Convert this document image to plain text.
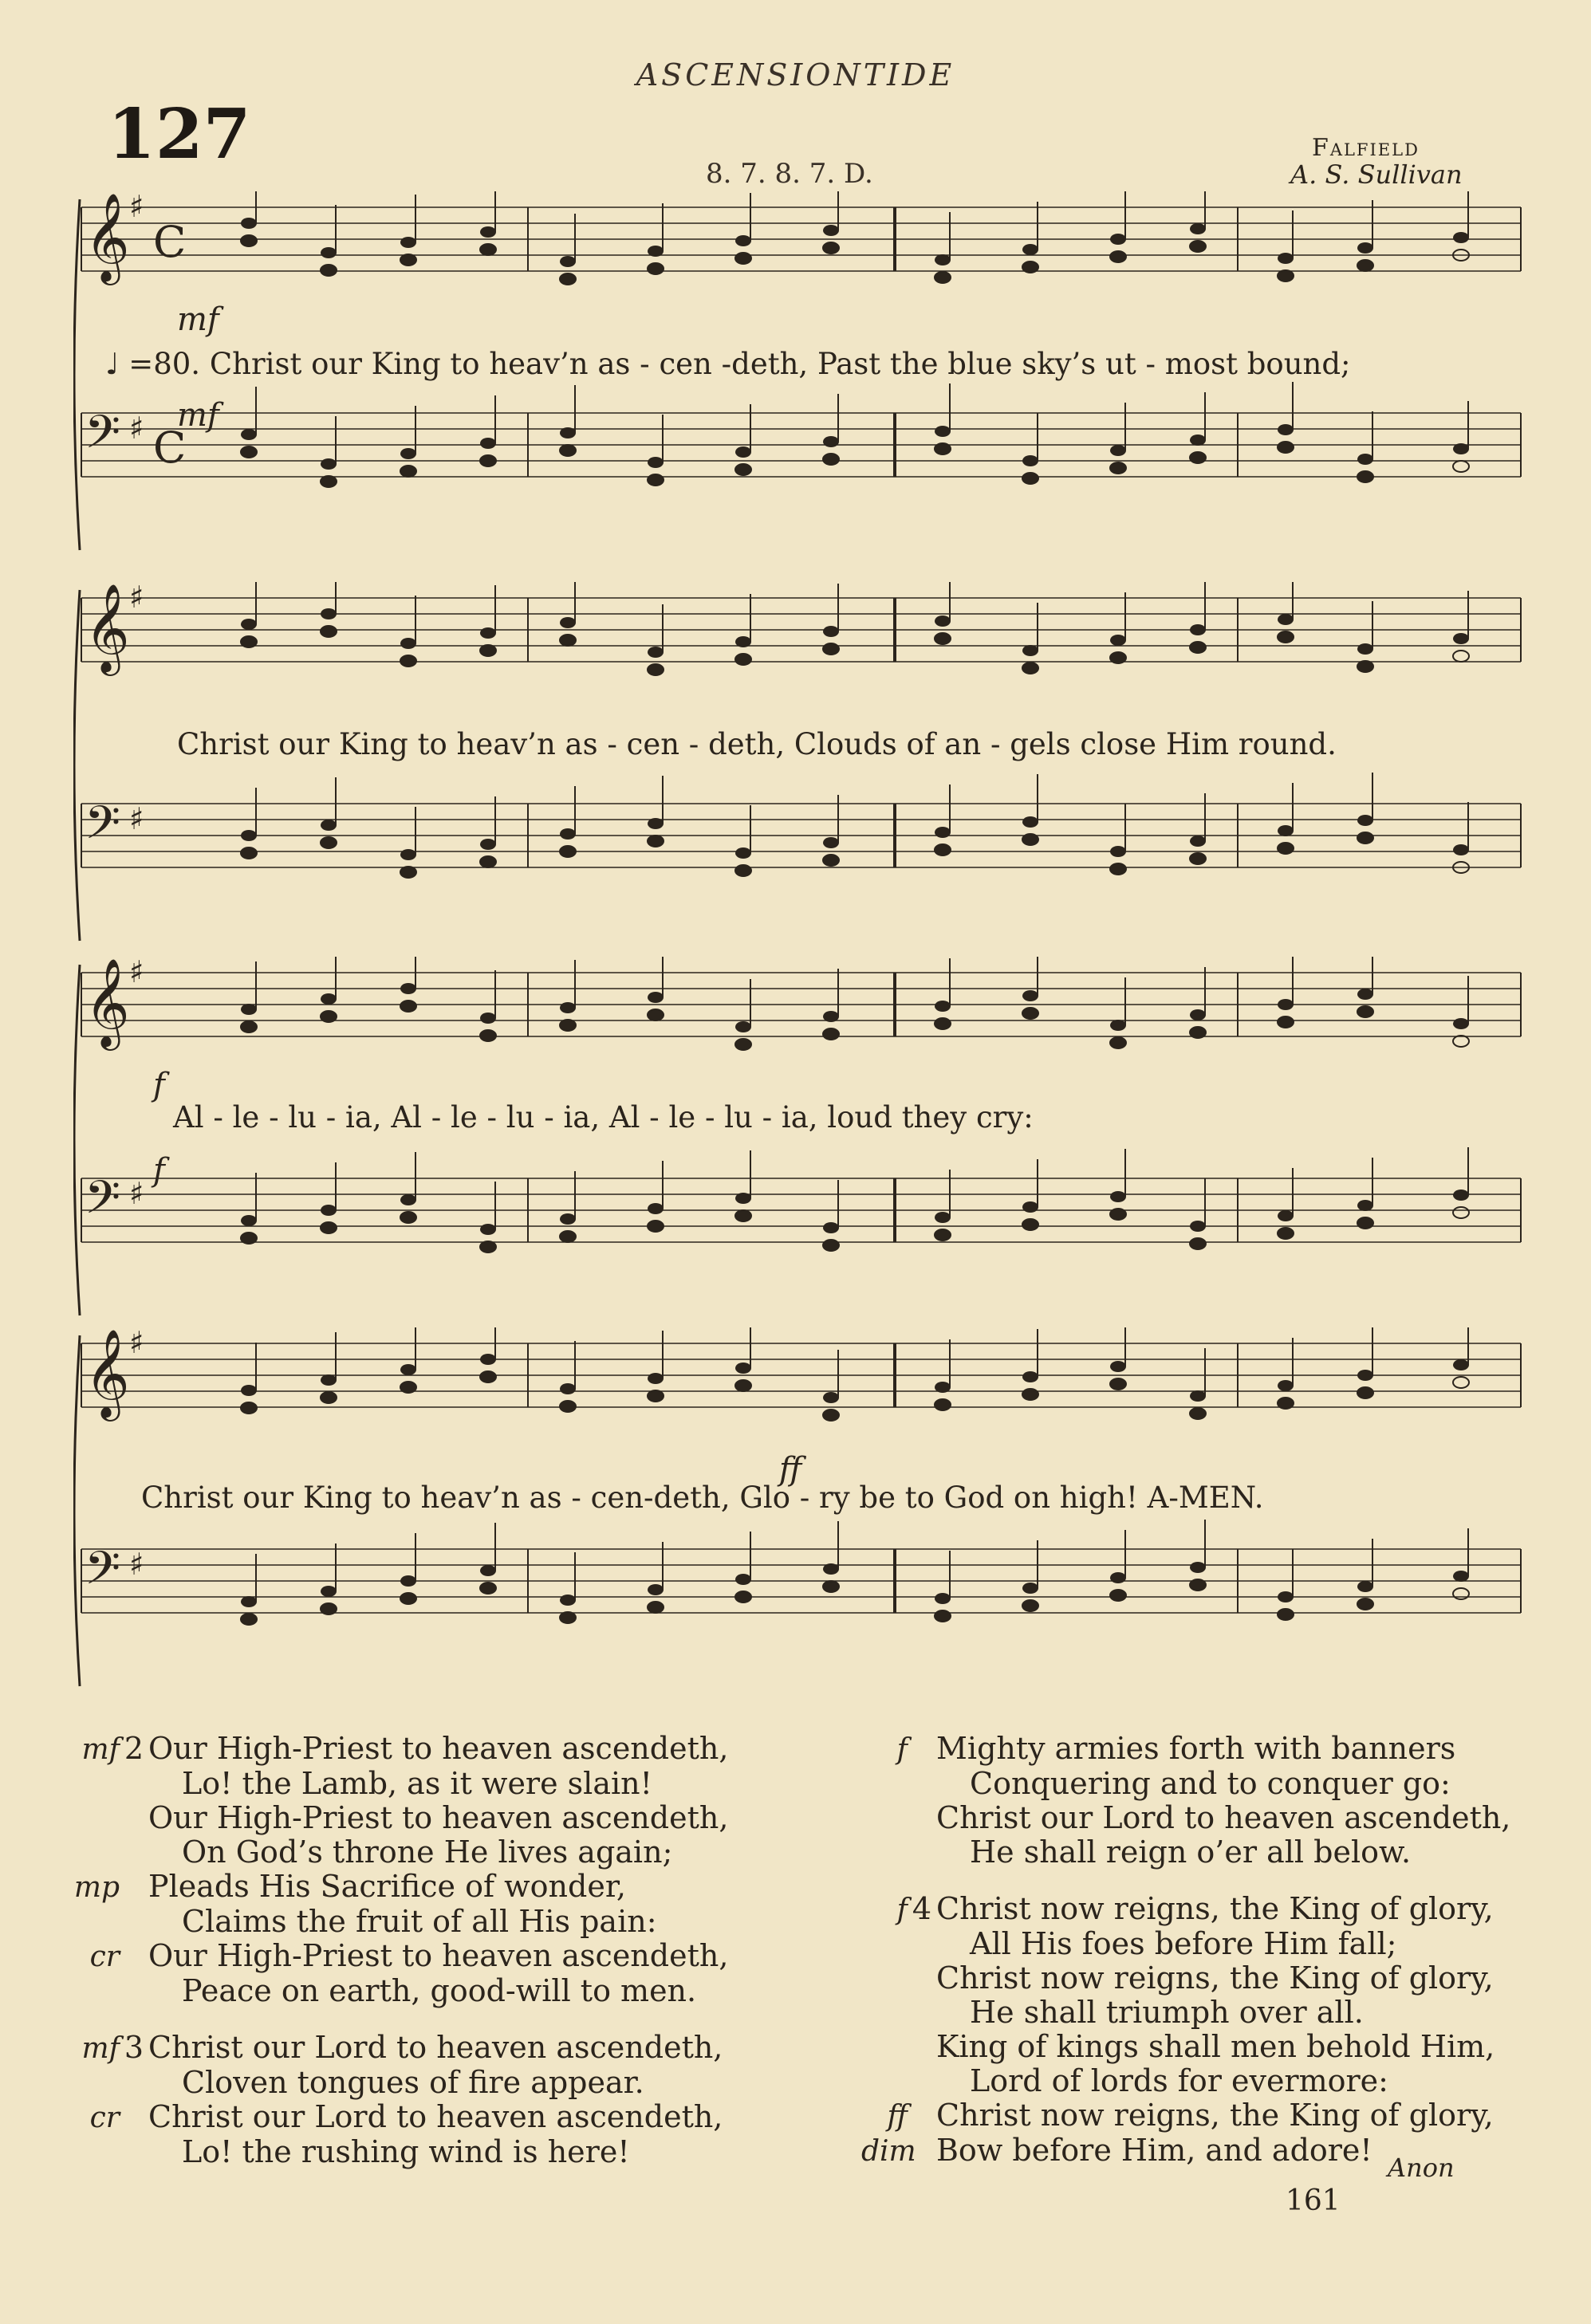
ASCENSIONTIDE
127	8. 7. 8. 7. D.
Falfield
A. S. Sullivan
𝄞 ♯
C
𝄢 ♯ C
mf
♩ =80. Christ our King to heav’n as - cen -deth, Past the blue sky’s ut - most bound;
mf
𝄞 ♯
𝄢 ♯
Christ our King to heav’n as - cen - deth, Clouds of an - gels close Him round.
𝄞 ♯
𝄢 ♯
f
Al - le - lu - ia, Al - le - lu - ia, Al - le - lu - ia, loud they cry:
f
𝄞 ♯
𝄢 ♯
Christ our King to heav’n as - cen-deth, Glo - ry be to God on high! A-MEN.
ff
mf 2 Our High-Priest to heaven ascendeth,
Lo! the Lamb, as it were slain!
Our High-Priest to heaven ascendeth,
On God’s throne He lives again;
mp Pleads His Sacrifice of wonder,
Claims the fruit of all His pain:
cr Our High-Priest to heaven ascendeth,
Peace on earth, good-will to men.
mf 3 Christ our Lord to heaven ascendeth,
Cloven tongues of fire appear.
cr Christ our Lord to heaven ascendeth,
Lo! the rushing wind is here!
f Mighty armies forth with banners
Conquering and to conquer go:
Christ our Lord to heaven ascendeth,
He shall reign o’er all below.
f 4 Christ now reigns, the King of glory,
All His foes before Him fall;
Christ now reigns, the King of glory,
He shall triumph over all.
King of kings shall men behold Him,
Lord of lords for evermore:
ff Christ now reigns, the King of glory,
dim Bow before Him, and adore! Anon
161
